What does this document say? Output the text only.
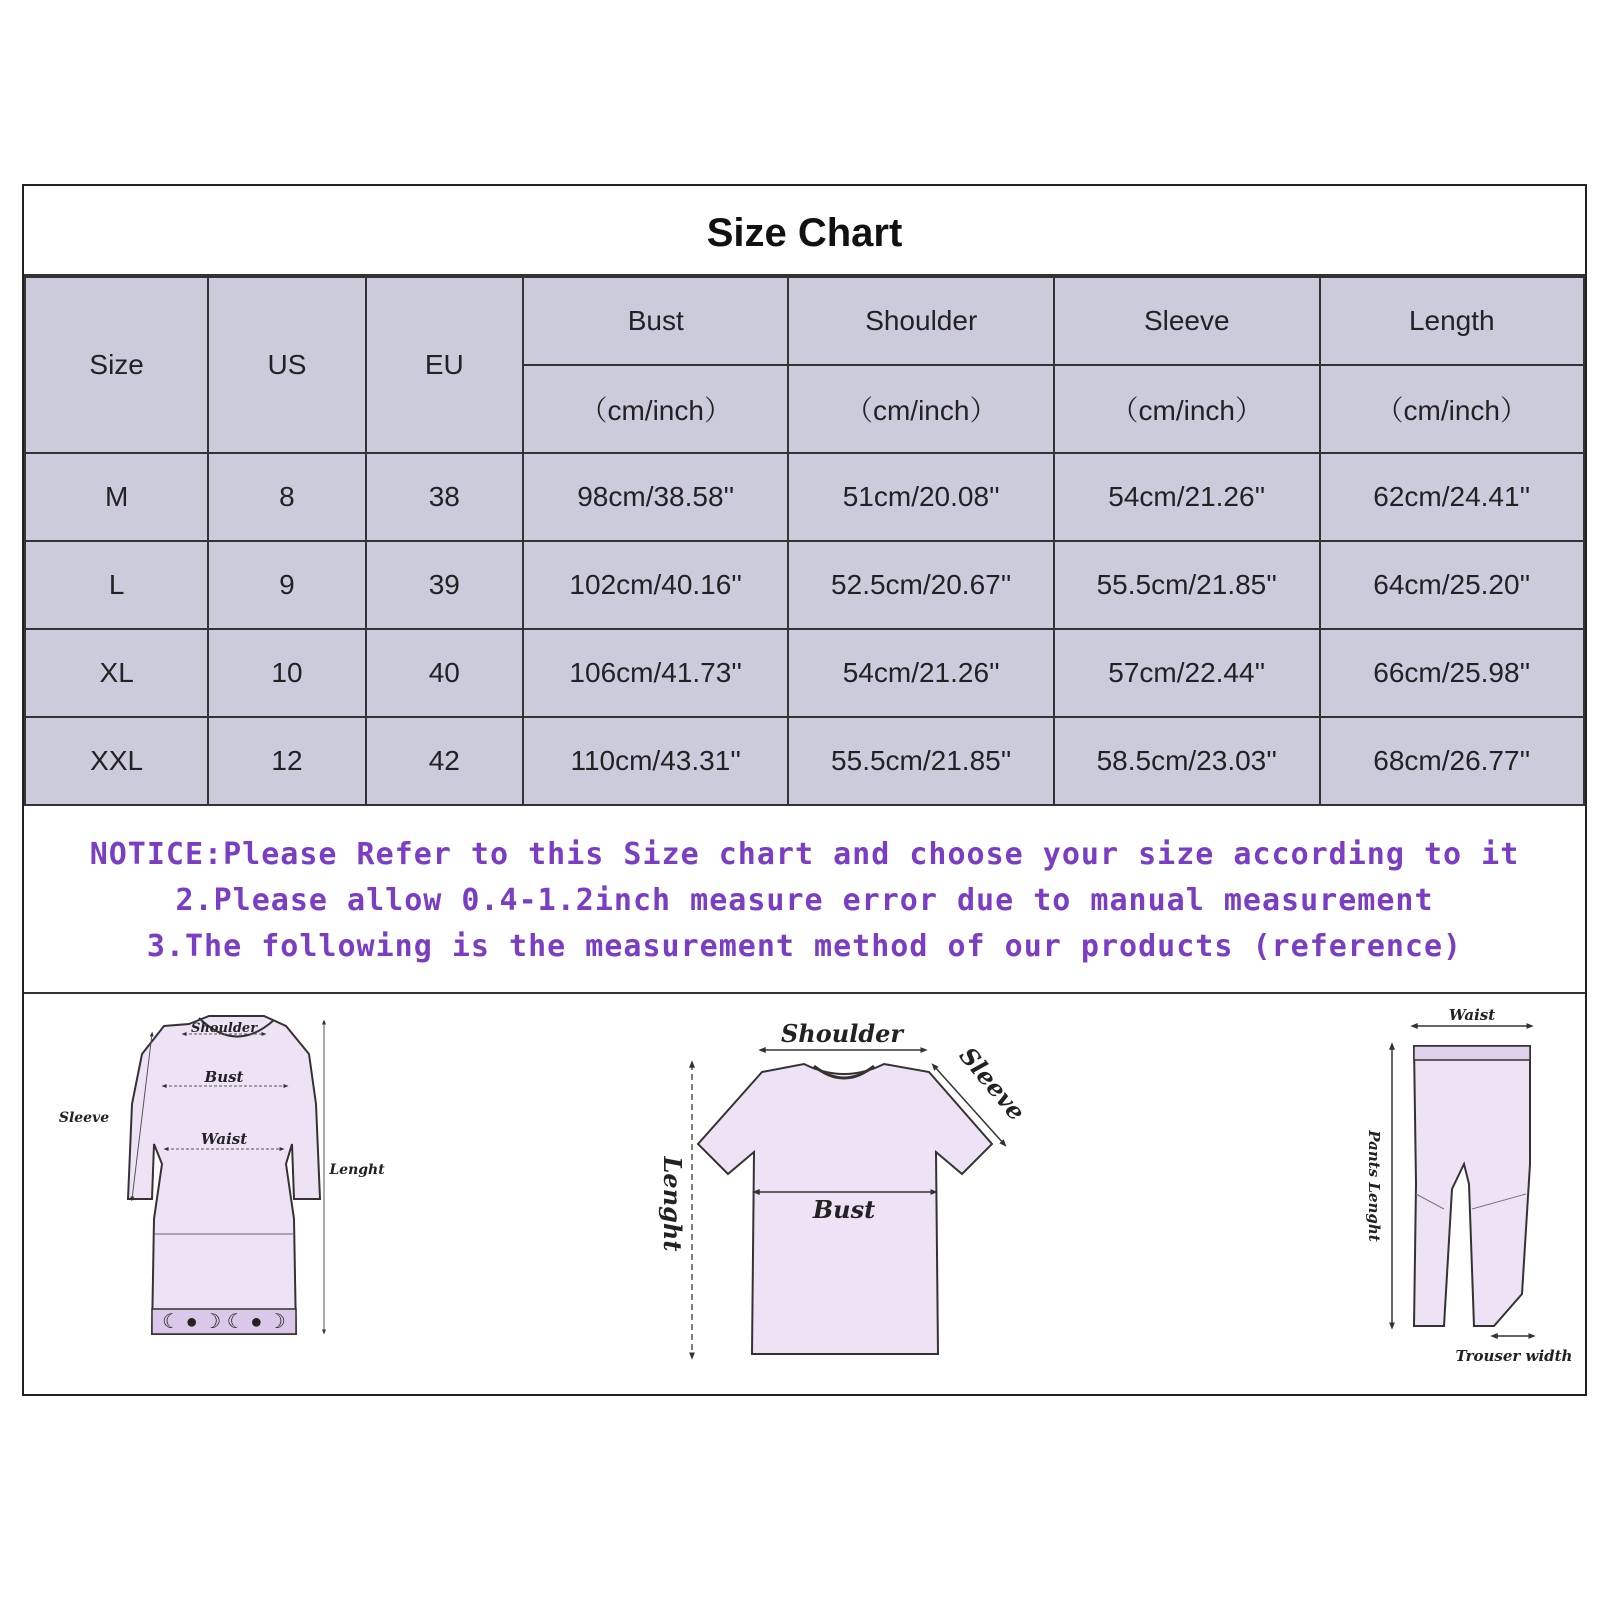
Size Chart
Size	US	EU	Bust	Shoulder	Sleeve	Length
			（cm/inch）	（cm/inch）	（cm/inch）	（cm/inch）
M	8	38	98cm/38.58''	51cm/20.08''	54cm/21.26''	62cm/24.41''
L	9	39	102cm/40.16''	52.5cm/20.67''	55.5cm/21.85''	64cm/25.20''
XL	10	40	106cm/41.73''	54cm/21.26''	57cm/22.44''	66cm/25.98''
XXL	12	42	110cm/43.31''	55.5cm/21.85''	58.5cm/23.03''	68cm/26.77''
NOTICE:Please Refer to this Size chart and choose your size according to it
2.Please allow 0.4-1.2inch measure error due to manual measurement
3.The following is the measurement method of our products (reference)
☾ ● ☽ ☾ ● ☽
Shoulder
Bust
Waist
Sleeve
Lenght
Shoulder
Sleeve
Bust
Lenght
Waist
Pants Lenght
Trouser width
